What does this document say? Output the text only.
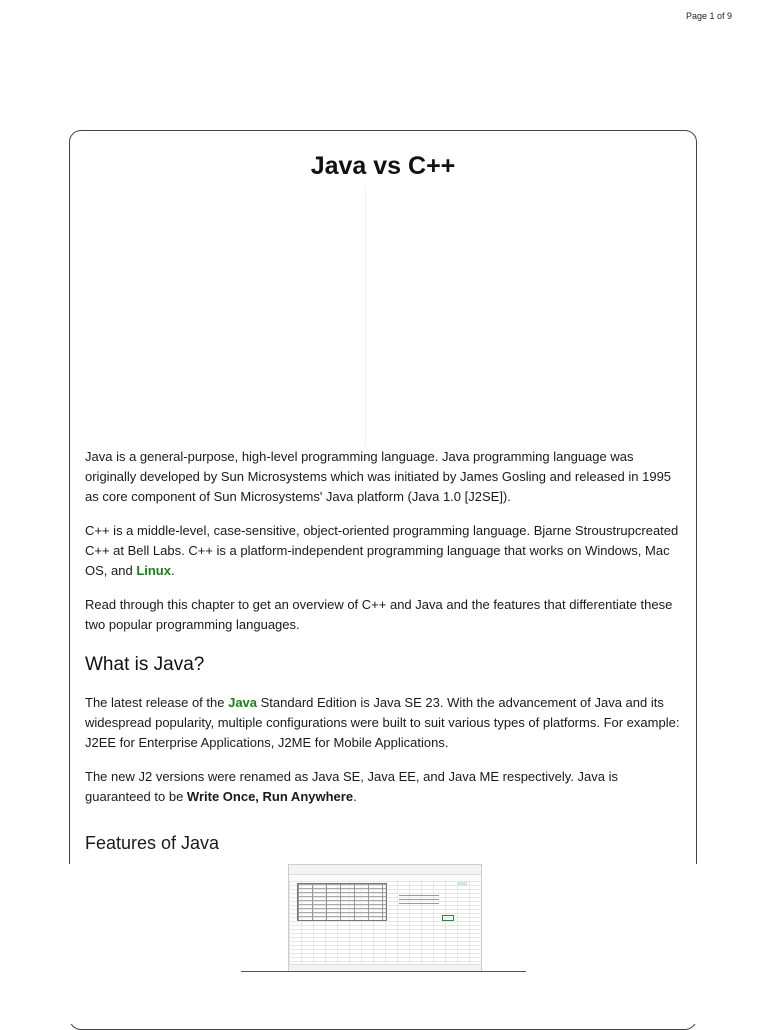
Page 1 of 9
Java vs C++

Java is a general-purpose, high-level programming language. Java programming language was originally developed by Sun Microsystems which was initiated by James Gosling and released in 1995 as core component of Sun Microsystems' Java platform (Java 1.0 [J2SE]).

C++ is a middle-level, case-sensitive, object-oriented programming language. Bjarne Stroustrupcreated C++ at Bell Labs. C++ is a platform-independent programming language that works on Windows, Mac OS, and Linux.

Read through this chapter to get an overview of C++ and Java and the features that differentiate these two popular programming languages.

What is Java?

The latest release of the Java Standard Edition is Java SE 23. With the advancement of Java and its widespread popularity, multiple configurations were built to suit various types of platforms. For example: J2EE for Enterprise Applications, J2ME for Mobile Applications.

The new J2 versions were renamed as Java SE, Java EE, and Java ME respectively. Java is guaranteed to be Write Once, Run Anywhere.

Features of Java
